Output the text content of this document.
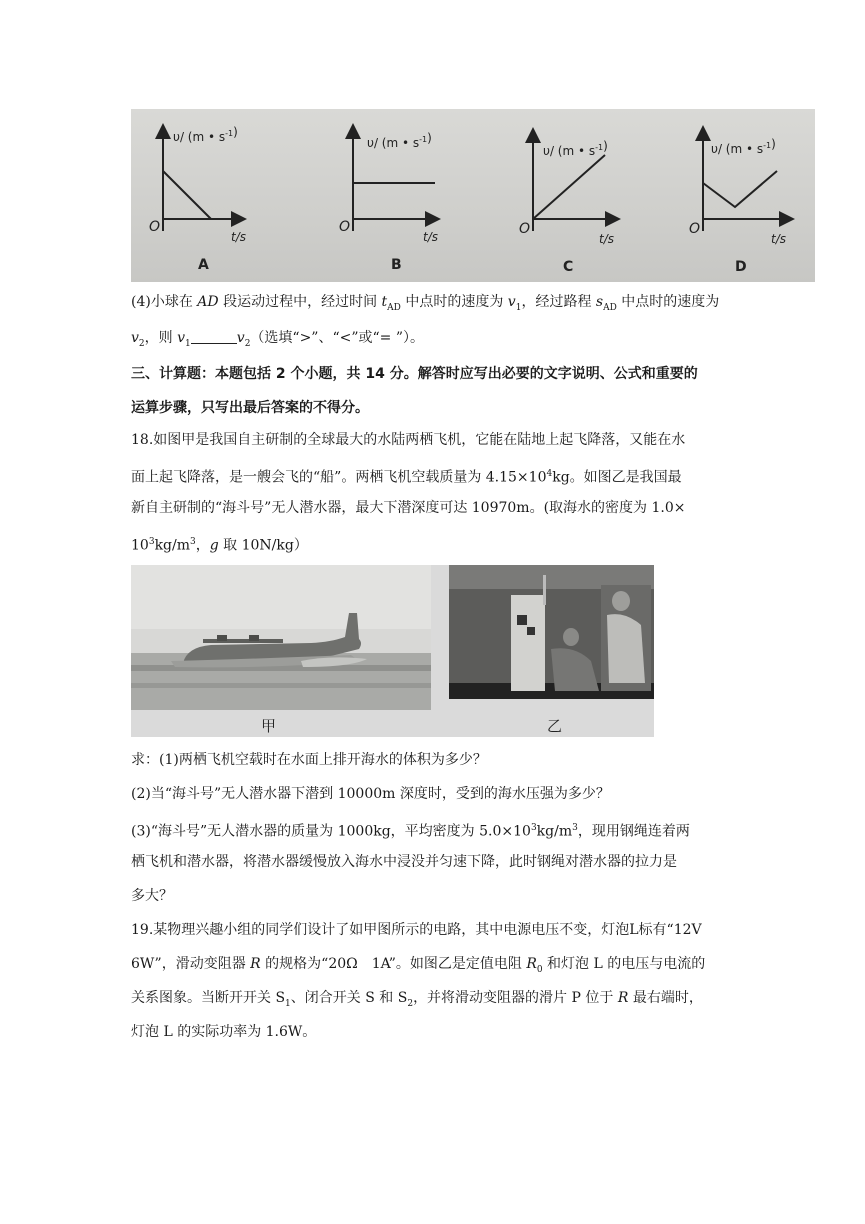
υ/ (m • $s^{-1}$)
O
t/s
A
υ/ (m • $s^{-1}$)
O
t/s
B
υ/ (m • $s^{-1}$)
O
t/s
C
υ/ (m • $s^{-1}$)
O
t/s
D
(4)小球在 AD 段运动过程中，经过时间 $t_{AD}$ 中点时的速度为 $v_1$，经过路程 $s_{AD}$ 中点时的速度为
$v_2$，则 $v_1$	$v_2$（选填“>”、“<”或“= ”）。
三、计算题：本题包括 2 个小题，共 14 分。解答时应写出必要的文字说明、公式和重要的
运算步骤，只写出最后答案的不得分。
18.如图甲是我国自主研制的全球最大的水陆两栖飞机，它能在陆地上起飞降落，又能在水
面上起飞降落，是一艘会飞的“船”。两栖飞机空载质量为 $4.15\times 10^4kg$。如图乙是我国最
新自主研制的“海斗号”无人潜水器，最大下潜深度可达 10970m。(取海水的密度为 1.0×
$10^3kg/m^3$，g 取 10N/kg）
甲	乙
求：(1)两栖飞机空载时在水面上排开海水的体积为多少？
(2)当“海斗号”无人潜水器下潜到 10000m 深度时，受到的海水压强为多少？
(3)“海斗号”无人潜水器的质量为 1000kg，平均密度为 $5.0\times 10^3kg/m^3$，现用钢绳连着两
栖飞机和潜水器，将潜水器缓慢放入海水中浸没并匀速下降，此时钢绳对潜水器的拉力是
多大？
19.某物理兴趣小组的同学们设计了如甲图所示的电路，其中电源电压不变，灯泡L标有“12V
6W”，滑动变阻器 R 的规格为“20Ω　1A”。如图乙是定值电阻 $R_0$ 和灯泡 L 的电压与电流的
关系图象。当断开开关 $S_1$、闭合开关 S 和 $S_2$，并将滑动变阻器的滑片 P 位于 R 最右端时，
灯泡 L 的实际功率为 1.6W。
